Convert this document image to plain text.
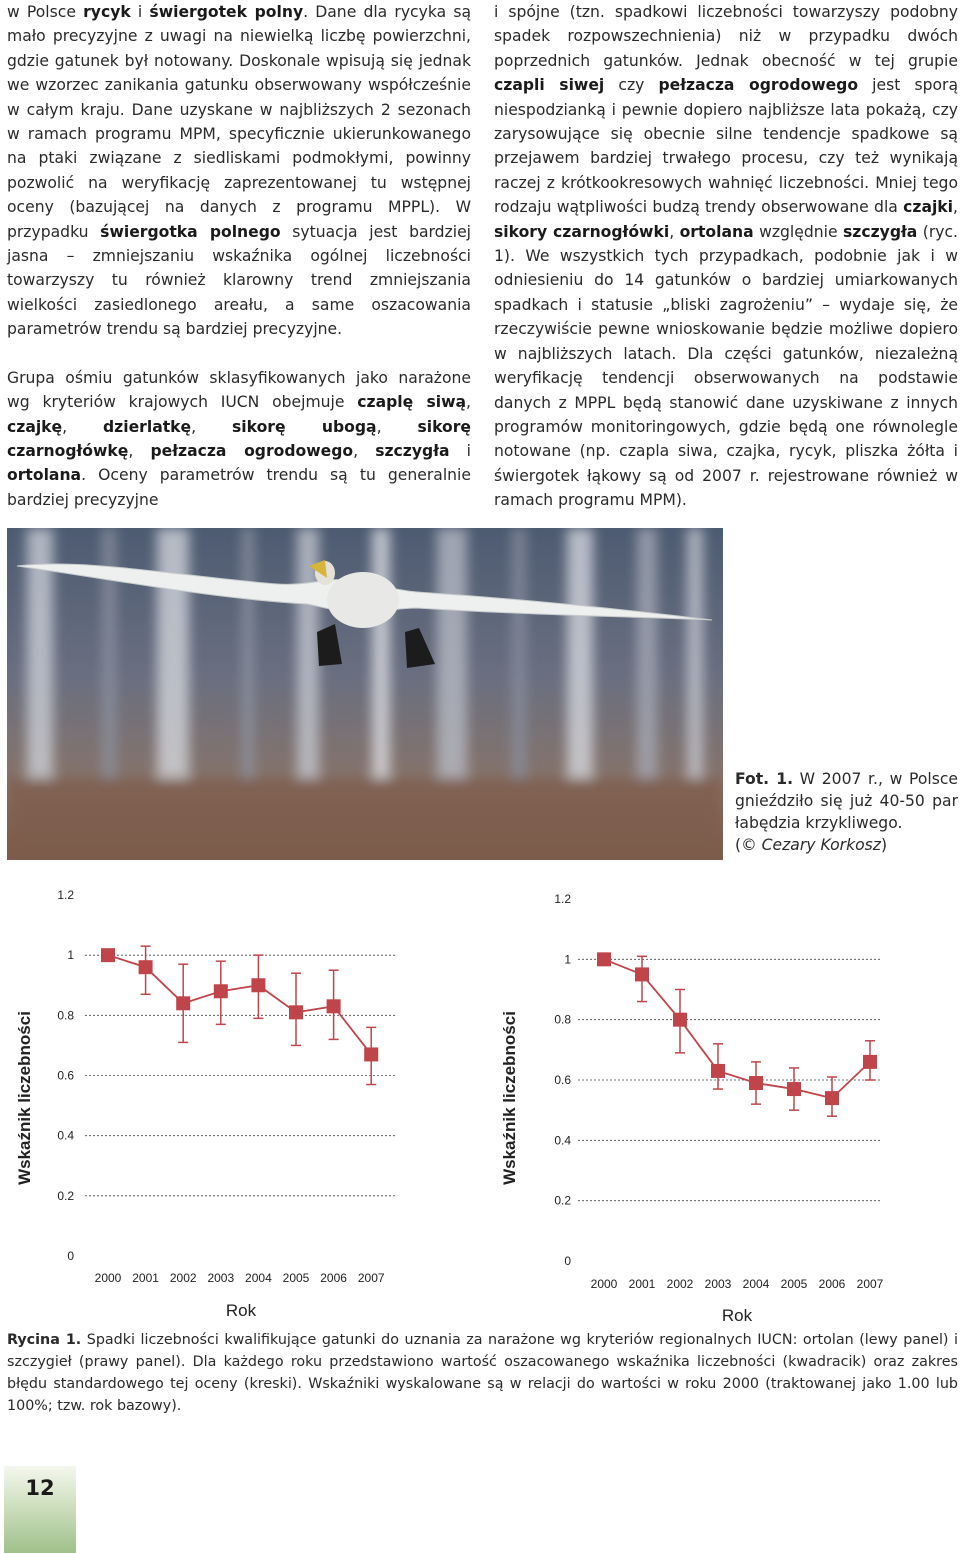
w Polsce rycyk i świergotek polny. Dane dla rycyka są mało precyzyjne z uwagi na niewielką liczbę powierzchni, gdzie gatunek był notowany. Doskonale wpisują się jednak we wzorzec zanikania gatunku obserwowany współcześnie w całym kraju. Dane uzyskane w najbliższych 2 sezonach w ramach programu MPM, specyficznie ukierunkowanego na ptaki związane z siedliskami podmokłymi, powinny pozwolić na weryfikację zaprezentowanej tu wstępnej oceny (bazującej na danych z programu MPPL). W przypadku świergotka polnego sytuacja jest bardziej jasna – zmniejszaniu wskaźnika ogólnej liczebności towarzyszy tu również klarowny trend zmniejszania wielkości zasiedlonego areału, a same oszacowania parametrów trendu są bardziej precyzyjne.

Grupa ośmiu gatunków sklasyfikowanych jako narażone wg kryteriów krajowych IUCN obejmuje czaplę siwą, czajkę, dzierlatkę, sikorę ubogą, sikorę czarnogłówkę, pełzacza ogrodowego, szczygła i ortolana. Oceny parametrów trendu są tu generalnie bardziej precyzyjne

i spójne (tzn. spadkowi liczebności towarzyszy podobny spadek rozpowszechnienia) niż w przypadku dwóch poprzednich gatunków. Jednak obecność w tej grupie czapli siwej czy pełzacza ogrodowego jest sporą niespodzianką i pewnie dopiero najbliższe lata pokażą, czy zarysowujące się obecnie silne tendencje spadkowe są przejawem bardziej trwałego procesu, czy też wynikają raczej z krótkookresowych wahnięć liczebności. Mniej tego rodzaju wątpliwości budzą trendy obserwowane dla czajki, sikory czarnogłówki, ortolana względnie szczygła (ryc. 1). We wszystkich tych przypadkach, podobnie jak i w odniesieniu do 14 gatunków o bardziej umiarkowanych spadkach i statusie „bliski zagrożeniu” – wydaje się, że rzeczywiście pewne wnioskowanie będzie możliwe dopiero w najbliższych latach. Dla części gatunków, niezależną weryfikację tendencji obserwowanych na podstawie danych z MPPL będą stanowić dane uzyskiwane z innych programów monitoringowych, gdzie będą one równolegle notowane (np. czapla siwa, czajka, rycyk, pliszka żółta i świergotek łąkowy są od 2007 r. rejestrowane również w ramach programu MPM).

Fot. 1. W 2007 r., w Polsce gnieździło się już 40-50 par łabędzia krzykliwego.
(© Cezary Korkosz)
0
0.2
0.4
0.6
0.8
1
1.2
2000 2001 2002 2003 2004 2005 2006 2007
Rok
Wskaźnik liczebności
0
0.2
0.4
0.6
0.8
1
1.2
2000 2001 2002 2003 2004 2005 2006 2007
Rok
Wskaźnik liczebności
Rycina 1. Spadki liczebności kwalifikujące gatunki do uznania za narażone wg kryteriów regionalnych IUCN: ortolan (lewy panel) i szczygieł (prawy panel). Dla każdego roku przedstawiono wartość oszacowanego wskaźnika liczebności (kwadracik) oraz zakres błędu standardowego tej oceny (kreski). Wskaźniki wyskalowane są w relacji do wartości w roku 2000 (traktowanej jako 1.00 lub 100%; tzw. rok bazowy).
12
